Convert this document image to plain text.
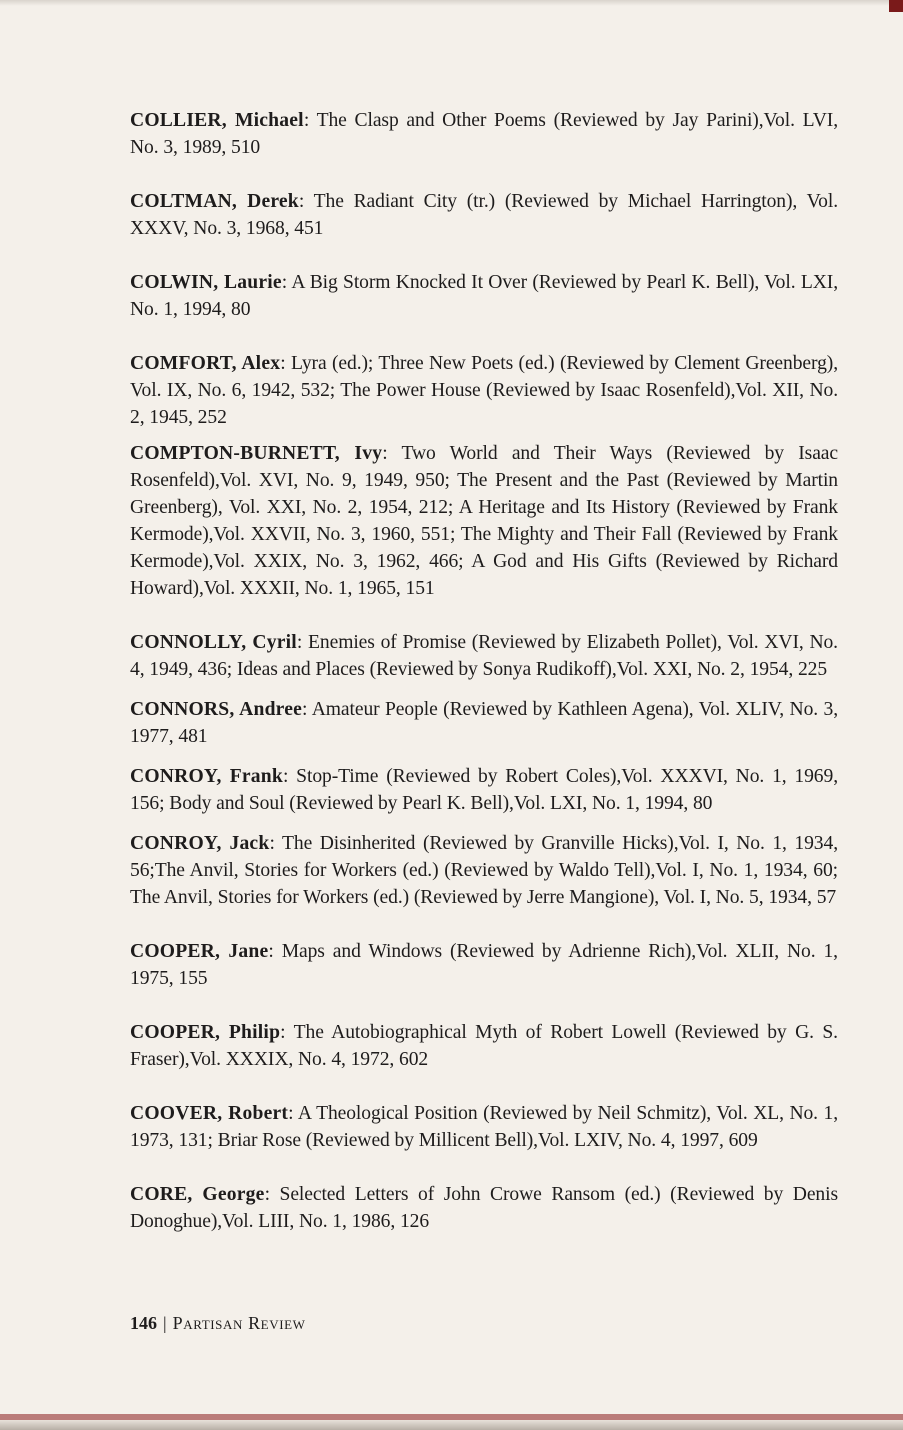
COLLIER, Michael: The Clasp and Other Poems (Reviewed by Jay Parini),Vol. LVI, No. 3, 1989, 510

COLTMAN, Derek: The Radiant City (tr.) (Reviewed by Michael Harrington), Vol. XXXV, No. 3, 1968, 451

COLWIN, Laurie: A Big Storm Knocked It Over (Reviewed by Pearl K. Bell), Vol. LXI, No. 1, 1994, 80

COMFORT, Alex: Lyra (ed.); Three New Poets (ed.) (Reviewed by Clement Greenberg), Vol. IX, No. 6, 1942, 532; The Power House (Reviewed by Isaac Rosenfeld),Vol. XII, No. 2, 1945, 252

COMPTON-BURNETT, Ivy: Two World and Their Ways (Reviewed by Isaac Rosenfeld),Vol. XVI, No. 9, 1949, 950; The Present and the Past (Reviewed by Martin Greenberg), Vol. XXI, No. 2, 1954, 212; A Heritage and Its History (Reviewed by Frank Kermode),Vol. XXVII, No. 3, 1960, 551; The Mighty and Their Fall (Reviewed by Frank Kermode),Vol. XXIX, No. 3, 1962, 466; A God and His Gifts (Reviewed by Richard Howard),Vol. XXXII, No. 1, 1965, 151

CONNOLLY, Cyril: Enemies of Promise (Reviewed by Elizabeth Pollet), Vol. XVI, No. 4, 1949, 436; Ideas and Places (Reviewed by Sonya Rudikoff),Vol. XXI, No. 2, 1954, 225

CONNORS, Andree: Amateur People (Reviewed by Kathleen Agena), Vol. XLIV, No. 3, 1977, 481

CONROY, Frank: Stop-Time (Reviewed by Robert Coles),Vol. XXXVI, No. 1, 1969, 156; Body and Soul (Reviewed by Pearl K. Bell),Vol. LXI, No. 1, 1994, 80

CONROY, Jack: The Disinherited (Reviewed by Granville Hicks),Vol. I, No. 1, 1934, 56;The Anvil, Stories for Workers (ed.) (Reviewed by Waldo Tell),Vol. I, No. 1, 1934, 60; The Anvil, Stories for Workers (ed.) (Reviewed by Jerre Mangione), Vol. I, No. 5, 1934, 57

COOPER, Jane: Maps and Windows (Reviewed by Adrienne Rich),Vol. XLII, No. 1, 1975, 155

COOPER, Philip: The Autobiographical Myth of Robert Lowell (Reviewed by G. S. Fraser),Vol. XXXIX, No. 4, 1972, 602

COOVER, Robert: A Theological Position (Reviewed by Neil Schmitz), Vol. XL, No. 1, 1973, 131; Briar Rose (Reviewed by Millicent Bell),Vol. LXIV, No. 4, 1997, 609

CORE, George: Selected Letters of John Crowe Ransom (ed.) (Reviewed by Denis Donoghue),Vol. LIII, No. 1, 1986, 126

146 | Partisan Review
